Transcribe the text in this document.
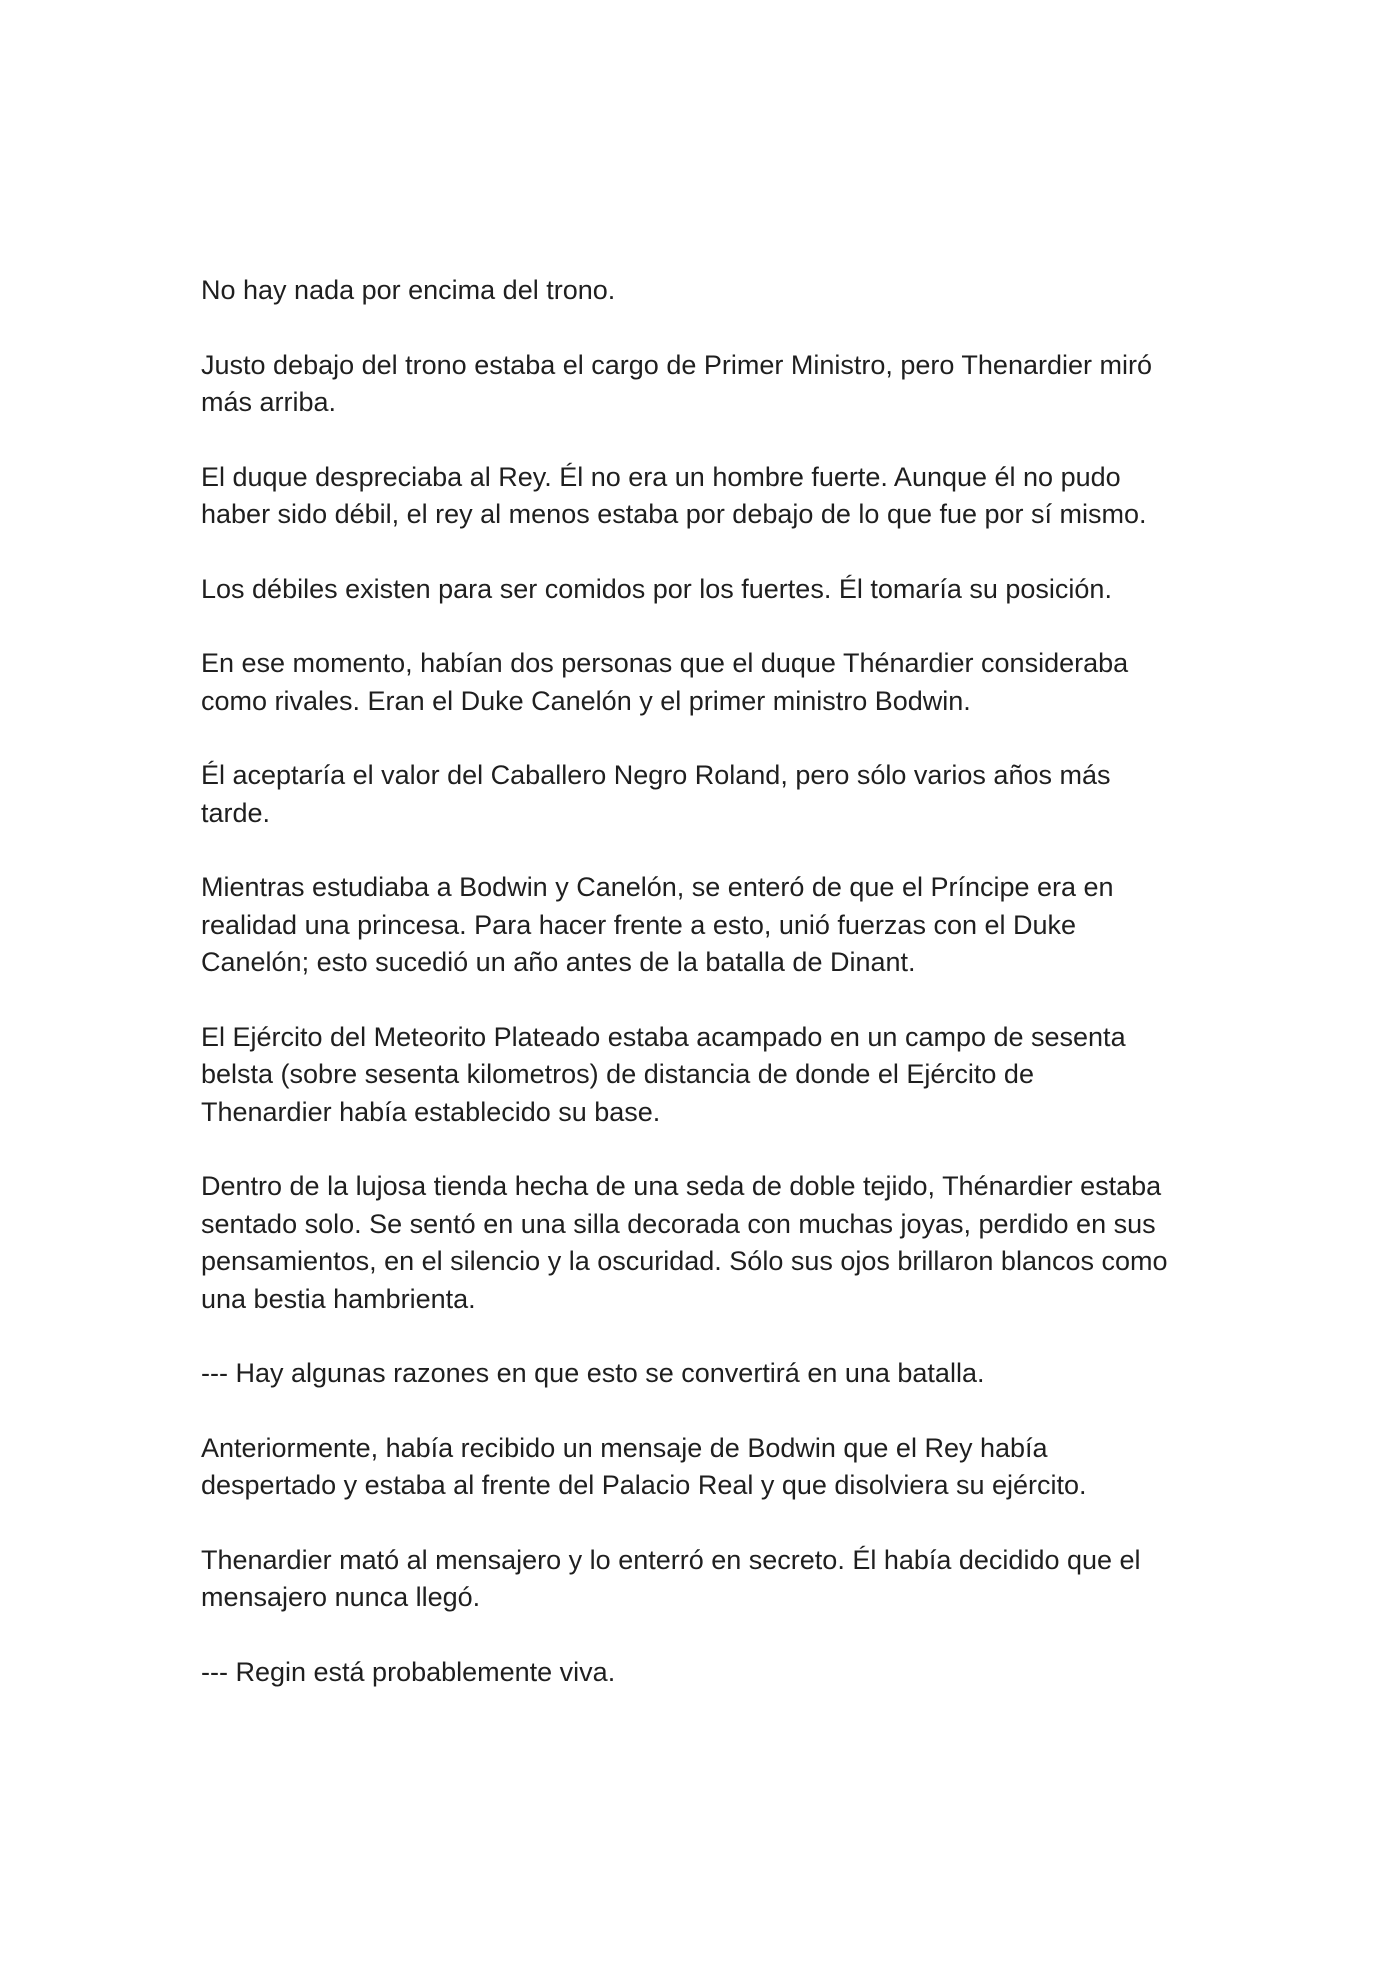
No hay nada por encima del trono.

Justo debajo del trono estaba el cargo de Primer Ministro, pero Thenardier miró
más arriba.

El duque despreciaba al Rey. Él no era un hombre fuerte. Aunque él no pudo
haber sido débil, el rey al menos estaba por debajo de lo que fue por sí mismo.

Los débiles existen para ser comidos por los fuertes. Él tomaría su posición.

En ese momento, habían dos personas que el duque Thénardier consideraba
como rivales. Eran el Duke Canelón y el primer ministro Bodwin.

Él aceptaría el valor del Caballero Negro Roland, pero sólo varios años más
tarde.

Mientras estudiaba a Bodwin y Canelón, se enteró de que el Príncipe era en
realidad una princesa. Para hacer frente a esto, unió fuerzas con el Duke
Canelón; esto sucedió un año antes de la batalla de Dinant.

El Ejército del Meteorito Plateado estaba acampado en un campo de sesenta
belsta (sobre sesenta kilometros) de distancia de donde el Ejército de
Thenardier había establecido su base.

Dentro de la lujosa tienda hecha de una seda de doble tejido, Thénardier estaba
sentado solo. Se sentó en una silla decorada con muchas joyas, perdido en sus
pensamientos, en el silencio y la oscuridad. Sólo sus ojos brillaron blancos como
una bestia hambrienta.

--- Hay algunas razones en que esto se convertirá en una batalla.

Anteriormente, había recibido un mensaje de Bodwin que el Rey había
despertado y estaba al frente del Palacio Real y que disolviera su ejército.

Thenardier mató al mensajero y lo enterró en secreto. Él había decidido que el
mensajero nunca llegó.

--- Regin está probablemente viva.
